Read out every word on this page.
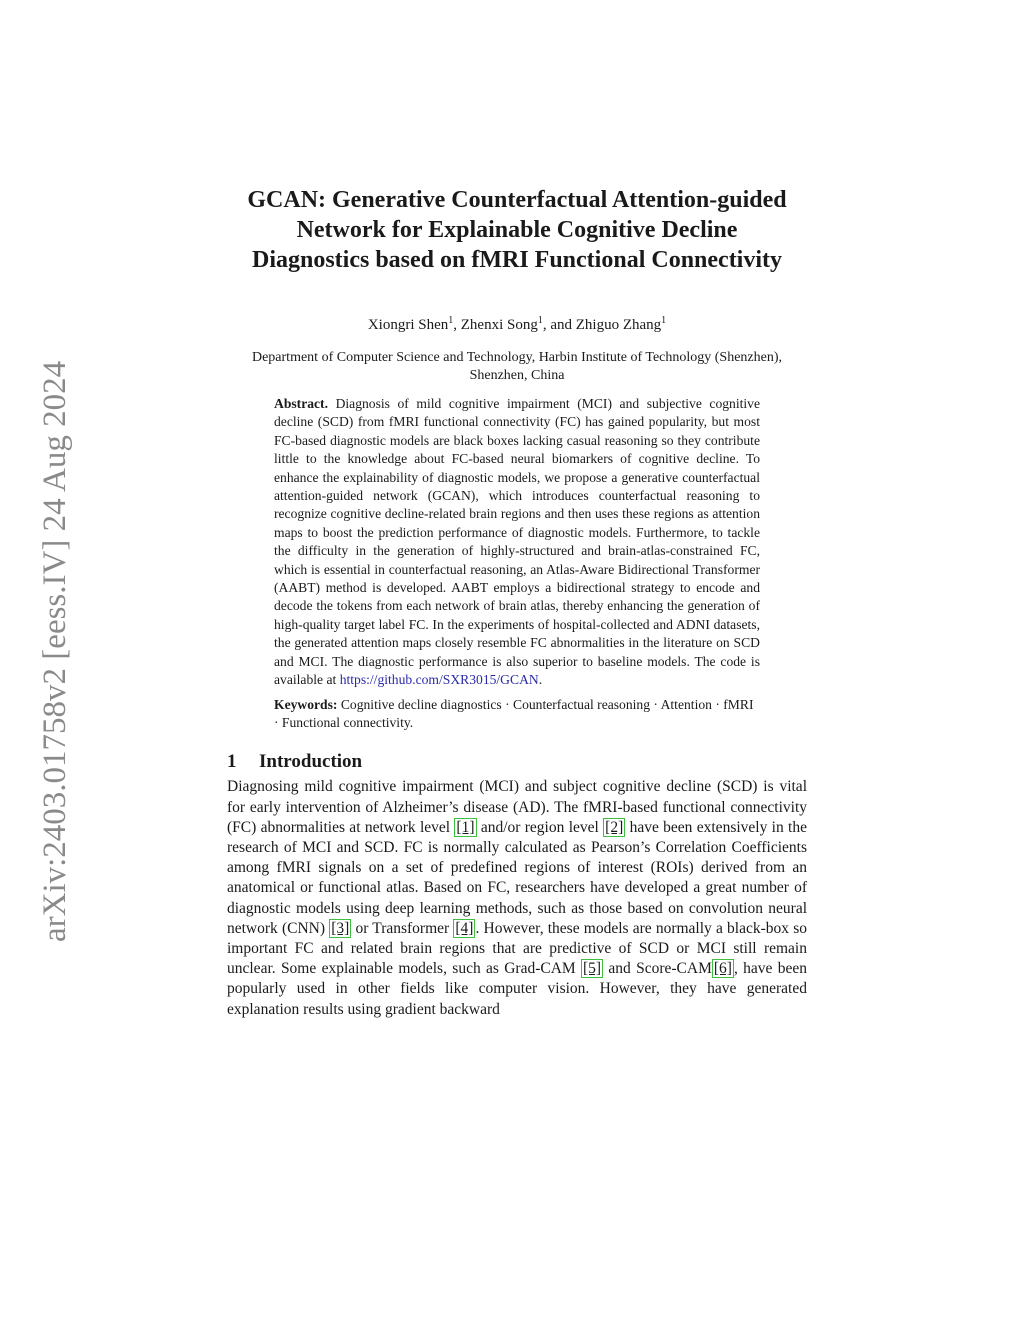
arXiv:2403.01758v2 [eess.IV] 24 Aug 2024
GCAN: Generative Counterfactual Attention-guided Network for Explainable Cognitive Decline Diagnostics based on fMRI Functional Connectivity
Xiongri Shen$^1$, Zhenxi Song$^1$, and Zhiguo Zhang$^1$
Department of Computer Science and Technology, Harbin Institute of Technology (Shenzhen), Shenzhen, China
Abstract. Diagnosis of mild cognitive impairment (MCI) and subjective cognitive decline (SCD) from fMRI functional connectivity (FC) has gained popularity, but most FC-based diagnostic models are black boxes lacking casual reasoning so they contribute little to the knowledge about FC-based neural biomarkers of cognitive decline. To enhance the explainability of diagnostic models, we propose a generative counterfactual attention-guided network (GCAN), which introduces counterfactual reasoning to recognize cognitive decline-related brain regions and then uses these regions as attention maps to boost the prediction performance of diagnostic models. Furthermore, to tackle the difficulty in the generation of highly-structured and brain-atlas-constrained FC, which is essential in counterfactual reasoning, an Atlas-Aware Bidirectional Transformer (AABT) method is developed. AABT employs a bidirectional strategy to encode and decode the tokens from each network of brain atlas, thereby enhancing the generation of high-quality target label FC. In the experiments of hospital-collected and ADNI datasets, the generated attention maps closely resemble FC abnormalities in the literature on SCD and MCI. The diagnostic performance is also superior to baseline models. The code is available at https://github.com/SXR3015/GCAN.
Keywords: Cognitive decline diagnostics · Counterfactual reasoning · Attention · fMRI · Functional connectivity.
1 Introduction
Diagnosing mild cognitive impairment (MCI) and subject cognitive decline (SCD) is vital for early intervention of Alzheimer’s disease (AD). The fMRI-based functional connectivity (FC) abnormalities at network level [1] and/or region level [2] have been extensively in the research of MCI and SCD. FC is normally calculated as Pearson’s Correlation Coefficients among fMRI signals on a set of predefined regions of interest (ROIs) derived from an anatomical or functional atlas. Based on FC, researchers have developed a great number of diagnostic models using deep learning methods, such as those based on convolution neural network (CNN) [3] or Transformer [4] . However, these models are normally a black-box so important FC and related brain regions that are predictive of SCD or MCI still remain unclear. Some explainable models, such as Grad-CAM [5] and Score-CAM [6] , have been popularly used in other fields like computer vision. However, they have generated explanation results using gradient backward
